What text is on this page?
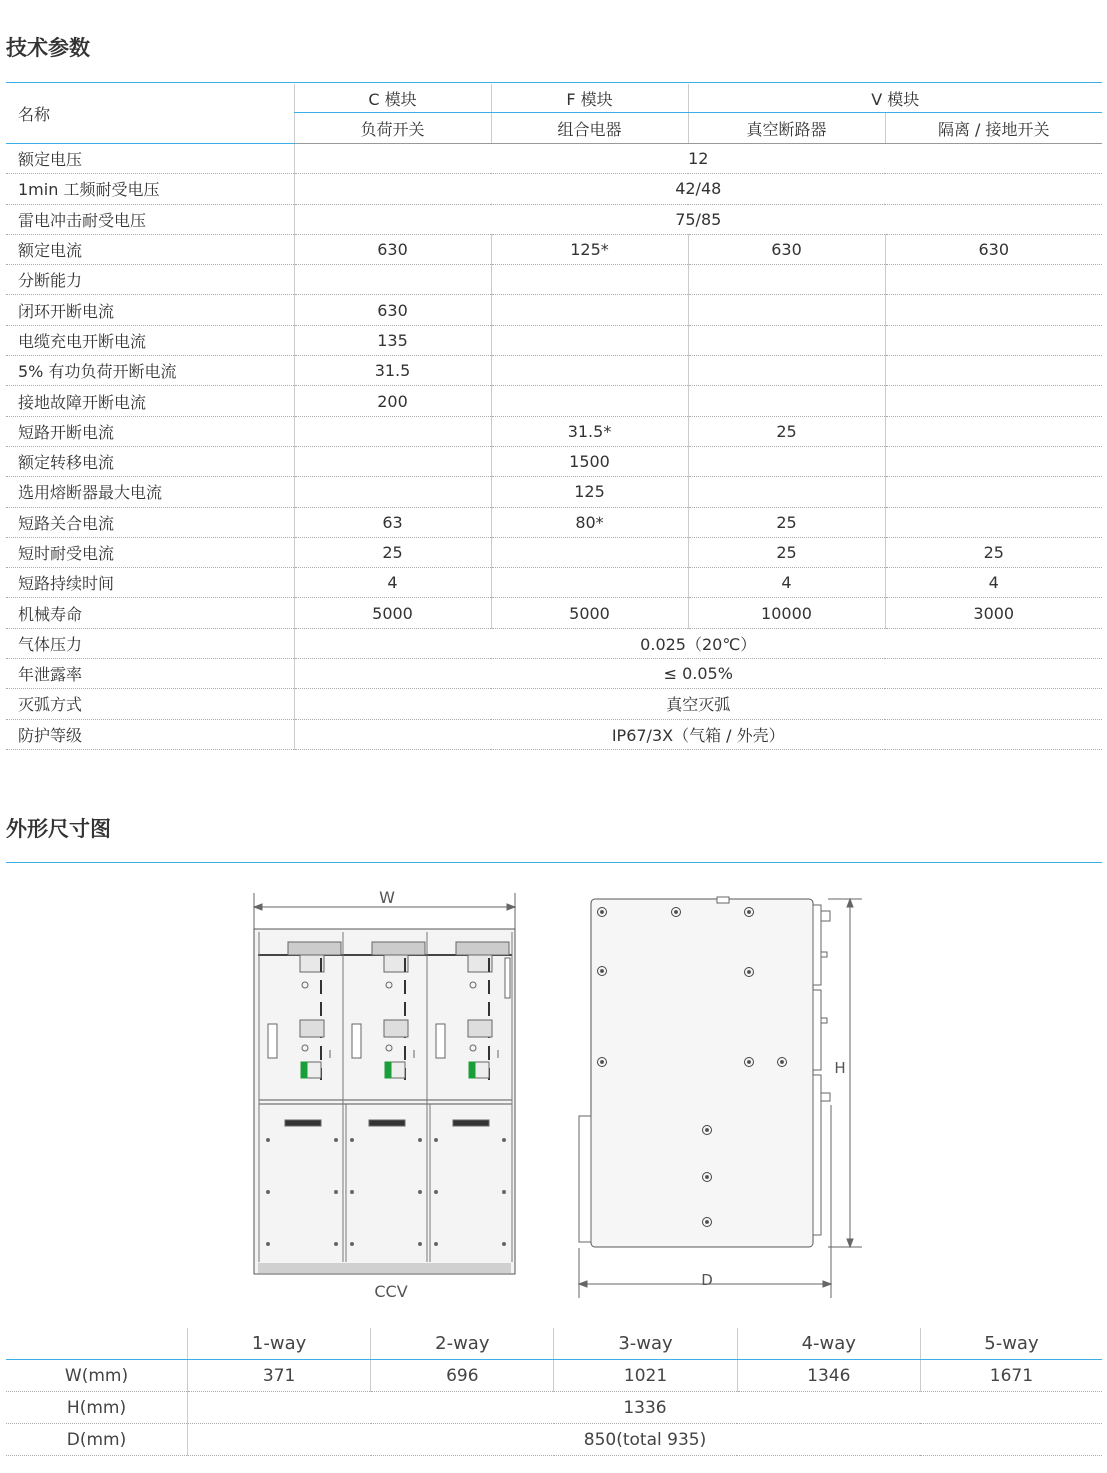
技术参数
名称	C 模块	F 模块	V 模块	
	负荷开关	组合电器	真空断路器	隔离 / 接地开关
额定电压	12			
1min 工频耐受电压	42/48			
雷电冲击耐受电压	75/85			
额定电流	630	125*	630	630
分断能力				
闭环开断电流	630			
电缆充电开断电流	135			
5% 有功负荷开断电流	31.5			
接地故障开断电流	200			
短路开断电流		31.5*	25	
额定转移电流		1500		
选用熔断器最大电流		125		
短路关合电流	63	80*	25	
短时耐受电流	25		25	25
短路持续时间	4		4	4
机械寿命	5000	5000	10000	3000
气体压力	0.025（20℃）			
年泄露率	≤ 0.05%			
灭弧方式	真空灭弧			
防护等级	IP67/3X（气箱 / 外壳）			
外形尺寸图
W
CCV
H
D
	1-way	2-way	3-way	4-way	5-way
W(mm)	371	696	1021	1346	1671
H(mm)	1336				
D(mm)	850(total 935)				
